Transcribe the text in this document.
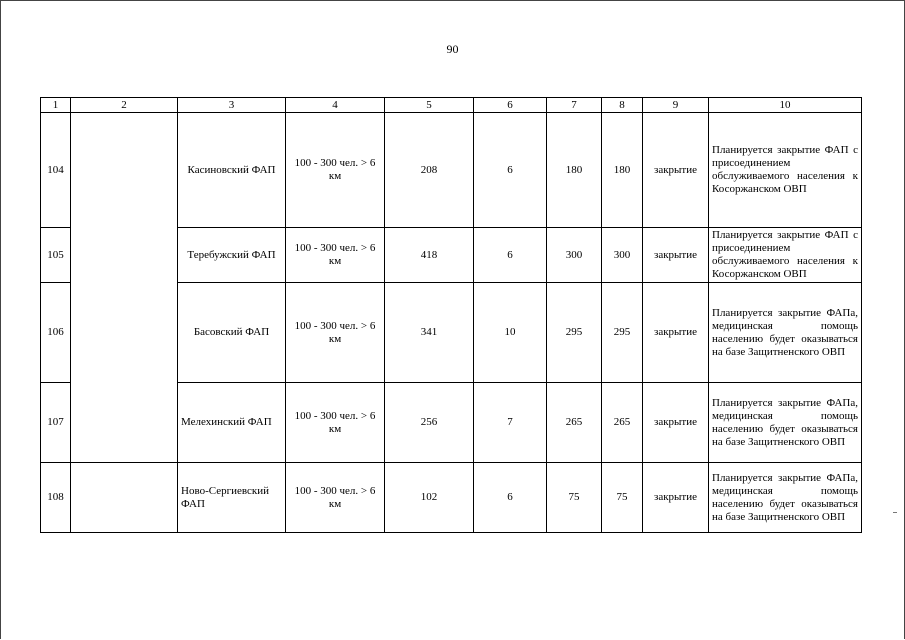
90
1	2	3	4	5	6	7	8	9	10
104		Касиновский ФАП	100 - 300 чел. > 6 км	208	6	180	180	закрытие	Планируется закрытие ФАП с присоединением обслуживаемого населения к Косоржанском ОВП
105		Теребужский ФАП	100 - 300 чел. > 6 км	418	6	300	300	закрытие	Планируется закрытие ФАП с присоединением обслуживаемого населения к Косоржанском ОВП
106		Басовский ФАП	100 - 300 чел. > 6 км	341	10	295	295	закрытие	Планируется закрытие ФАПа, медицинская помощь населению будет оказываться на базе Защитненского ОВП
107		Мелехинский ФАП	100 - 300 чел. > 6 км	256	7	265	265	закрытие	Планируется закрытие ФАПа, медицинская помощь населению будет оказываться на базе Защитненского ОВП
108		Ново-Сергиевский ФАП	100 - 300 чел. > 6 км	102	6	75	75	закрытие	Планируется закрытие ФАПа, медицинская помощь населению будет оказываться на базе Защитненского ОВП
